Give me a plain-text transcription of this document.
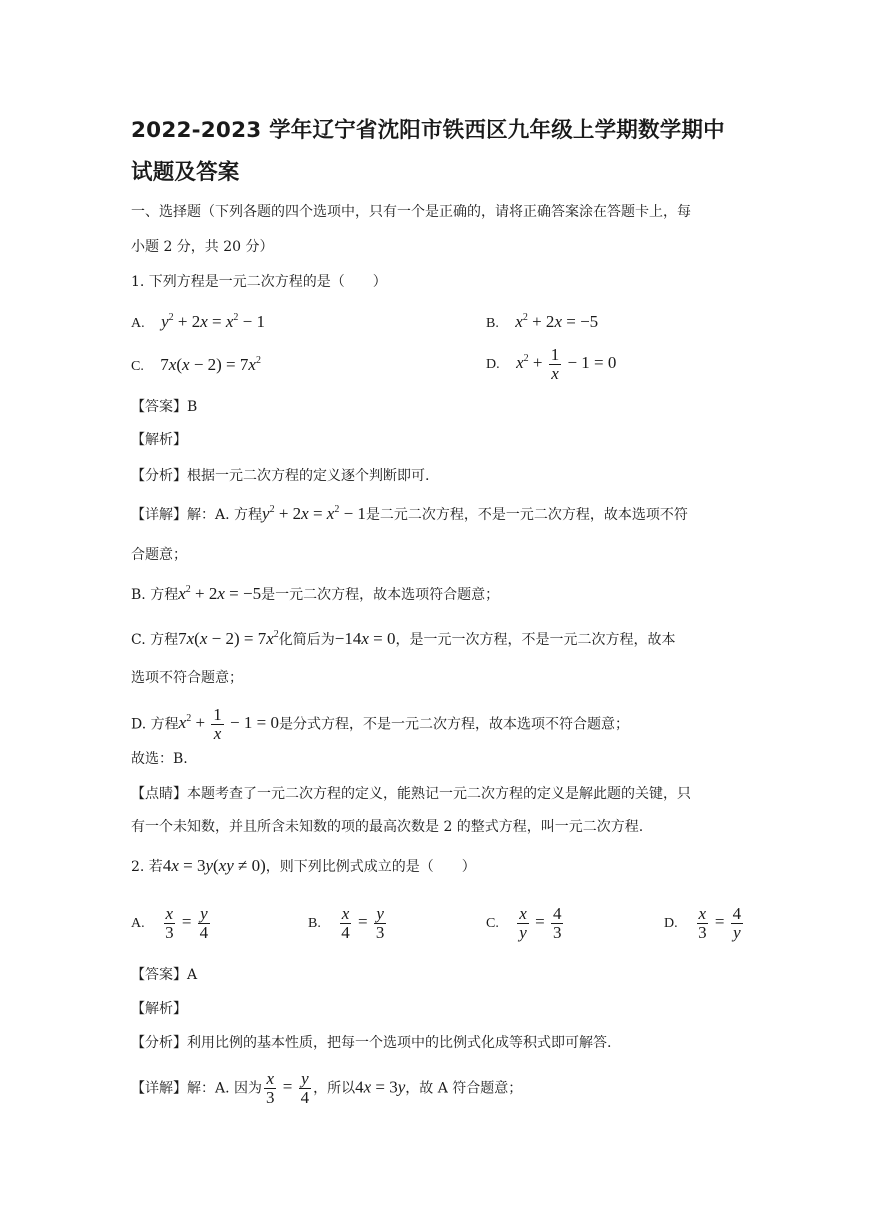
2022-2023 学年辽宁省沈阳市铁西区九年级上学期数学期中
试题及答案
一、选择题（下列各题的四个选项中，只有一个是正确的，请将正确答案涂在答题卡上，每
小题 2 分，共 20 分）
1. 下列方程是一元二次方程的是（　　）
A. $y^2 + 2x = x^2 - 1$	B. $x^2 + 2x = -5$
C. $7x(x - 2) = 7x^2$	D. $x^2 + \frac{1}{x} - 1 = 0$
【答案】B
【解析】
【分析】根据一元二次方程的定义逐个判断即可.
【详解】解：A. 方程$y^2 + 2x = x^2 - 1$是二元二次方程，不是一元二次方程，故本选项不符
合题意；
B. 方程$x^2 + 2x = -5$是一元二次方程，故本选项符合题意；
C. 方程$7x(x - 2) = 7x^2$化简后为−14x = 0，是一元一次方程，不是一元二次方程，故本
选项不符合题意；
D. 方程$x^2 + \frac{1}{x} - 1 = 0$是分式方程，不是一元二次方程，故本选项不符合题意；
故选：B.
【点睛】本题考查了一元二次方程的定义，能熟记一元二次方程的定义是解此题的关键，只
有一个未知数，并且所含未知数的项的最高次数是 2 的整式方程，叫一元二次方程.
2. 若4x = 3y(xy ≠ 0)，则下列比例式成立的是（　　）
A. $\frac{x}{3} = \frac{y}{4}$	B. $\frac{x}{4} = \frac{y}{3}$	C. $\frac{x}{y} = \frac{4}{3}$	D. $\frac{x}{3} = \frac{4}{y}$
【答案】A
【解析】
【分析】利用比例的基本性质，把每一个选项中的比例式化成等积式即可解答.
【详解】解：A. 因为 $\frac{x}{3} = \frac{y}{4}$ ，所以4x = 3y，故 A 符合题意；
